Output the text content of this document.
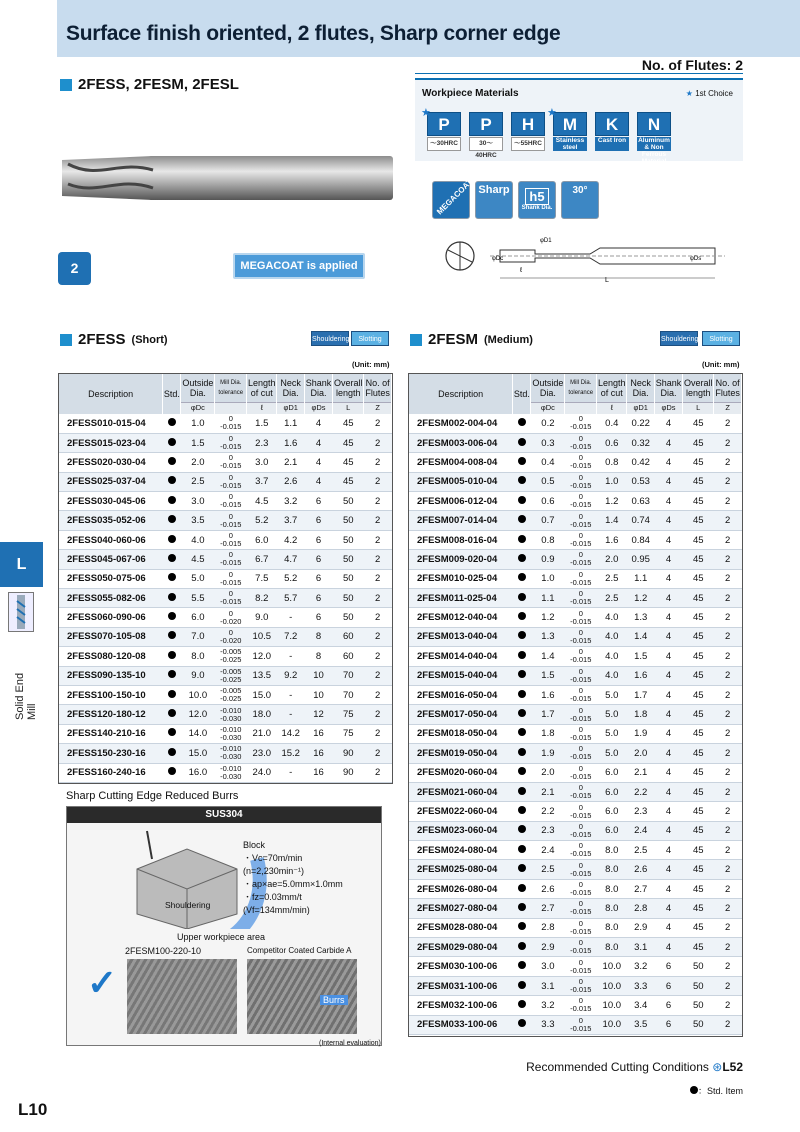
Surface finish oriented, 2 flutes, Sharp corner edge
No. of Flutes: 2
2FESS, 2FESM, 2FESL
Workpiece Materials	★ 1st Choice
P
～30HRC
★
P
30～40HRC
H
～55HRC
M
Stainless steel
★
K
Cast Iron
N
Aluminum & Non Ferrous Material
MEGACOAT Sharp	h5
Shank Dia.
30°
φDc
φD1
φDs
ℓ
L
2	MEGACOAT is applied
2FESS (Short)	Shouldering	Slotting
(Unit: mm)
Description	Std.	Outside Dia.	Mill Dia. tolerance	Length of cut	Neck Dia.	Shank Dia.	Overall length	No. of Flutes
		φDc		ℓ	φD1	φDs	L	Z
2FESS010-015-04		1.0	0
-0.015	1.5	1.1	4	45	2
2FESS015-023-04		1.5	0
-0.015	2.3	1.6	4	45	2
2FESS020-030-04		2.0	0
-0.015	3.0	2.1	4	45	2
2FESS025-037-04		2.5	0
-0.015	3.7	2.6	4	45	2
2FESS030-045-06		3.0	0
-0.015	4.5	3.2	6	50	2
2FESS035-052-06		3.5	0
-0.015	5.2	3.7	6	50	2
2FESS040-060-06		4.0	0
-0.015	6.0	4.2	6	50	2
2FESS045-067-06		4.5	0
-0.015	6.7	4.7	6	50	2
2FESS050-075-06		5.0	0
-0.015	7.5	5.2	6	50	2
2FESS055-082-06		5.5	0
-0.015	8.2	5.7	6	50	2
2FESS060-090-06		6.0	0
-0.020	9.0	-	6	50	2
2FESS070-105-08		7.0	0
-0.020	10.5	7.2	8	60	2
2FESS080-120-08		8.0	-0.005
-0.025	12.0	-	8	60	2
2FESS090-135-10		9.0	-0.005
-0.025	13.5	9.2	10	70	2
2FESS100-150-10		10.0	-0.005
-0.025	15.0	-	10	70	2
2FESS120-180-12		12.0	-0.010
-0.030	18.0	-	12	75	2
2FESS140-210-16		14.0	-0.010
-0.030	21.0	14.2	16	75	2
2FESS150-230-16		15.0	-0.010
-0.030	23.0	15.2	16	90	2
2FESS160-240-16		16.0	-0.010
-0.030	24.0	-	16	90	2
2FESM (Medium)	Shouldering	Slotting
(Unit: mm)
Description	Std.	Outside Dia.	Mill Dia. tolerance	Length of cut	Neck Dia.	Shank Dia.	Overall length	No. of Flutes
		φDc		ℓ	φD1	φDs	L	Z
2FESM002-004-04		0.2	0
-0.015	0.4	0.22	4	45	2
2FESM003-006-04		0.3	0
-0.015	0.6	0.32	4	45	2
2FESM004-008-04		0.4	0
-0.015	0.8	0.42	4	45	2
2FESM005-010-04		0.5	0
-0.015	1.0	0.53	4	45	2
2FESM006-012-04		0.6	0
-0.015	1.2	0.63	4	45	2
2FESM007-014-04		0.7	0
-0.015	1.4	0.74	4	45	2
2FESM008-016-04		0.8	0
-0.015	1.6	0.84	4	45	2
2FESM009-020-04		0.9	0
-0.015	2.0	0.95	4	45	2
2FESM010-025-04		1.0	0
-0.015	2.5	1.1	4	45	2
2FESM011-025-04		1.1	0
-0.015	2.5	1.2	4	45	2
2FESM012-040-04		1.2	0
-0.015	4.0	1.3	4	45	2
2FESM013-040-04		1.3	0
-0.015	4.0	1.4	4	45	2
2FESM014-040-04		1.4	0
-0.015	4.0	1.5	4	45	2
2FESM015-040-04		1.5	0
-0.015	4.0	1.6	4	45	2
2FESM016-050-04		1.6	0
-0.015	5.0	1.7	4	45	2
2FESM017-050-04		1.7	0
-0.015	5.0	1.8	4	45	2
2FESM018-050-04		1.8	0
-0.015	5.0	1.9	4	45	2
2FESM019-050-04		1.9	0
-0.015	5.0	2.0	4	45	2
2FESM020-060-04		2.0	0
-0.015	6.0	2.1	4	45	2
2FESM021-060-04		2.1	0
-0.015	6.0	2.2	4	45	2
2FESM022-060-04		2.2	0
-0.015	6.0	2.3	4	45	2
2FESM023-060-04		2.3	0
-0.015	6.0	2.4	4	45	2
2FESM024-080-04		2.4	0
-0.015	8.0	2.5	4	45	2
2FESM025-080-04		2.5	0
-0.015	8.0	2.6	4	45	2
2FESM026-080-04		2.6	0
-0.015	8.0	2.7	4	45	2
2FESM027-080-04		2.7	0
-0.015	8.0	2.8	4	45	2
2FESM028-080-04		2.8	0
-0.015	8.0	2.9	4	45	2
2FESM029-080-04		2.9	0
-0.015	8.0	3.1	4	45	2
2FESM030-100-06		3.0	0
-0.015	10.0	3.2	6	50	2
2FESM031-100-06		3.1	0
-0.015	10.0	3.3	6	50	2
2FESM032-100-06		3.2	0
-0.015	10.0	3.4	6	50	2
2FESM033-100-06		3.3	0
-0.015	10.0	3.5	6	50	2
L
Solid End Mill
Sharp Cutting Edge Reduced Burrs
SUS304
Block
・Vc=70m/min
(n=2,230min⁻¹)
・ap×ae=5.0mm×1.0mm
・fz=0.03mm/t
(Vf=134mm/min)
Shouldering
Upper workpiece area
2FESM100-220-10	Competitor Coated Carbide A
✓	Burrs
(Internal evaluation)
Recommended Cutting Conditions ⊛L52
：Std. Item
L10
